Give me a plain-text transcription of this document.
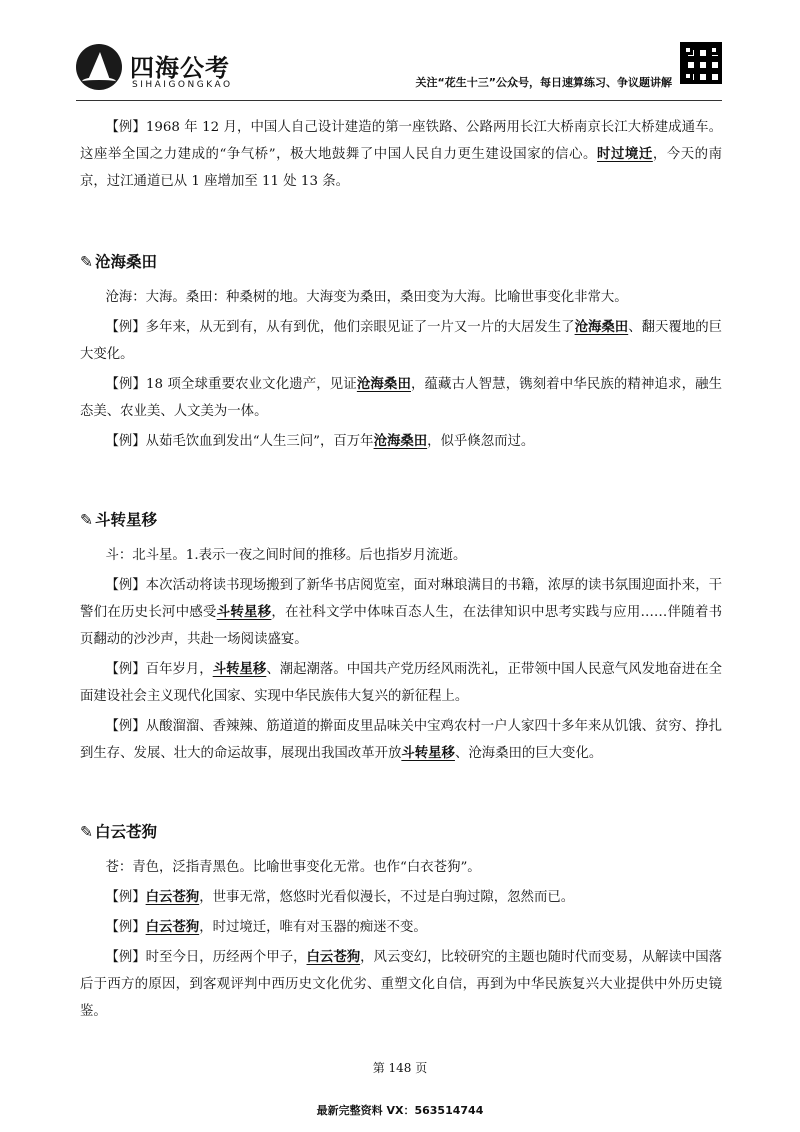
四海公考
SIHAIGONGKAO	关注“花生十三”公众号，每日速算练习、争议题讲解

【例】1968 年 12 月，中国人自己设计建造的第一座铁路、公路两用长江大桥南京长江大桥建成通车。这座举全国之力建成的“争气桥”，极大地鼓舞了中国人民自力更生建设国家的信心。时过境迁，今天的南京，过江通道已从 1 座增加至 11 处 13 条。

✎ 沧海桑田

沧海：大海。桑田：种桑树的地。大海变为桑田，桑田变为大海。比喻世事变化非常大。

【例】多年来，从无到有，从有到优，他们亲眼见证了一片又一片的大居发生了沧海桑田、翻天覆地的巨大变化。

【例】18 项全球重要农业文化遗产，见证沧海桑田，蕴藏古人智慧，镌刻着中华民族的精神追求，融生态美、农业美、人文美为一体。

【例】从茹毛饮血到发出“人生三问”，百万年沧海桑田，似乎倏忽而过。

✎ 斗转星移

斗：北斗星。1.表示一夜之间时间的推移。后也指岁月流逝。

【例】本次活动将读书现场搬到了新华书店阅览室，面对琳琅满目的书籍，浓厚的读书氛围迎面扑来，干警们在历史长河中感受斗转星移，在社科文学中体味百态人生，在法律知识中思考实践与应用……伴随着书页翻动的沙沙声，共赴一场阅读盛宴。

【例】百年岁月，斗转星移、潮起潮落。中国共产党历经风雨洗礼，正带领中国人民意气风发地奋进在全面建设社会主义现代化国家、实现中华民族伟大复兴的新征程上。

【例】从酸溜溜、香辣辣、筋道道的擀面皮里品味关中宝鸡农村一户人家四十多年来从饥饿、贫穷、挣扎到生存、发展、壮大的命运故事，展现出我国改革开放斗转星移、沧海桑田的巨大变化。

✎ 白云苍狗

苍：青色，泛指青黑色。比喻世事变化无常。也作“白衣苍狗”。

【例】白云苍狗，世事无常，悠悠时光看似漫长，不过是白驹过隙，忽然而已。

【例】白云苍狗，时过境迁，唯有对玉器的痴迷不变。

【例】时至今日，历经两个甲子，白云苍狗，风云变幻，比较研究的主题也随时代而变易，从解读中国落后于西方的原因，到客观评判中西历史文化优劣、重塑文化自信，再到为中华民族复兴大业提供中外历史镜鉴。

第 148 页
最新完整资料 VX：563514744
